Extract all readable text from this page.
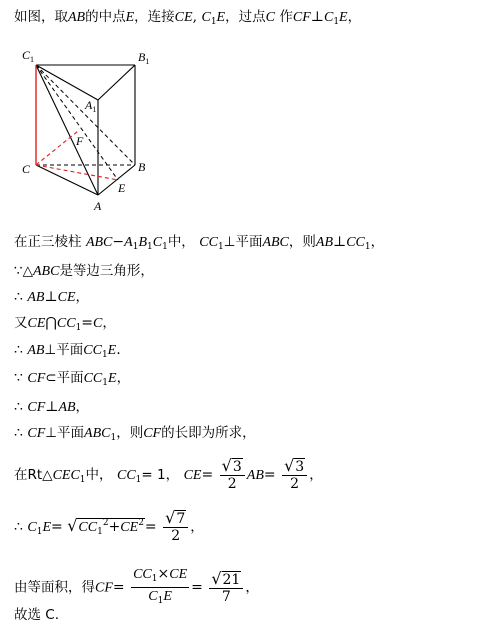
如图，取AB的中点E，连接CE, $C_1E$，过点C 作$CF\perp C_1E$，
$C_1$	$B_1$
$A_1$
F
C	B
E
A
在正三棱柱 $ABC-A_1B_1C_1$中， $CC_1\perp$平面ABC，则$AB\perp CC_1$，
∵△ABC是等边三角形，
∴ AB⊥CE，
又$CE⋂CC_1=C$，
∴ AB⊥平面$CC_1E$.
∵ CF⊂平面$CC_1E$，
∴ CF⊥AB，
∴ CF⊥平面$ABC_1$，则CF的长即为所求，
在$Rt\triangle CEC_1$中， $CC_1= 1$， $CE= \frac{√3}{2} AB= \frac{√3}{2}$ ，
∴ $C_1E= √CC_1^2+CE^2= \frac{√7}{2}$ ，
由等面积，得$CF= \frac{CC_1\times CE}{C_1E} = \frac{√21}{7}$ ，
故选 C.
